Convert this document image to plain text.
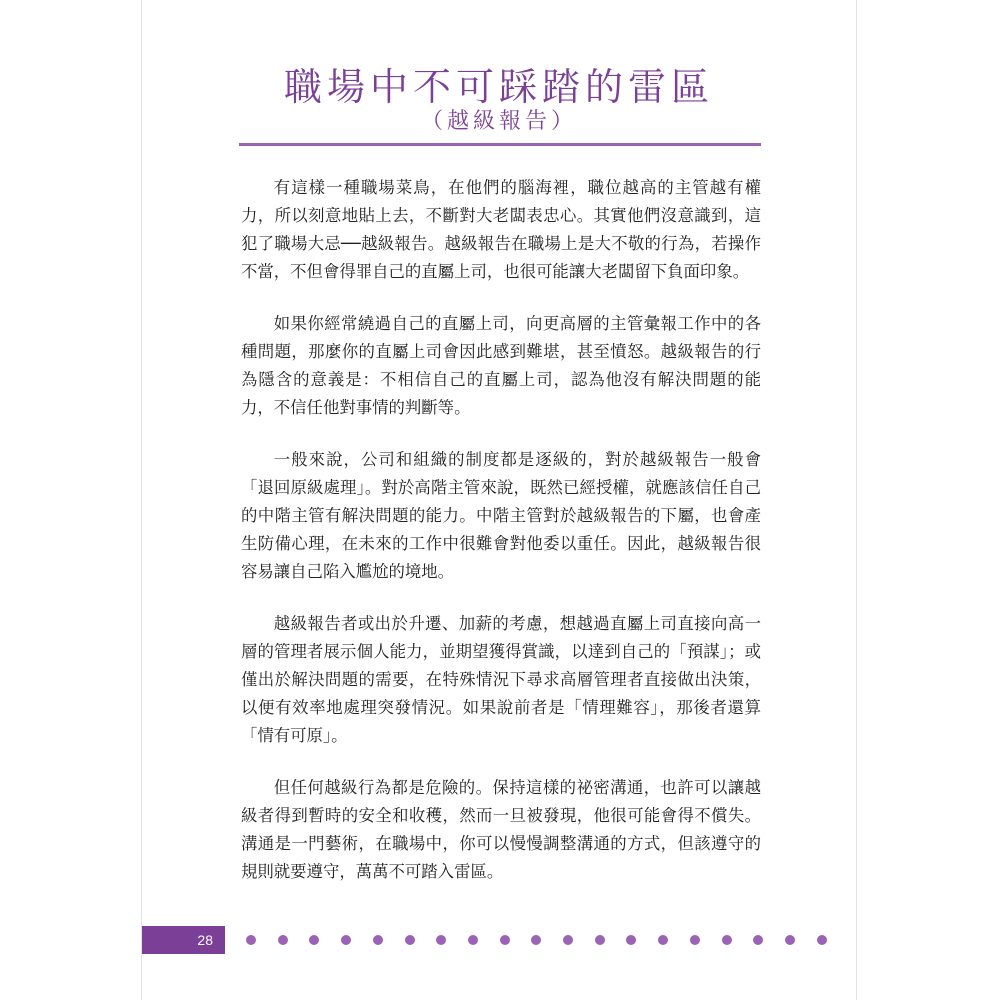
職場中不可踩踏的雷區
（越級報告）

有這樣一種職場菜鳥，在他們的腦海裡，職位越高的主管越有權力，所以刻意地貼上去，不斷對大老闆表忠心。其實他們沒意識到，這犯了職場大忌──越級報告。越級報告在職場上是大不敬的行為，若操作不當，不但會得罪自己的直屬上司，也很可能讓大老闆留下負面印象。

如果你經常繞過自己的直屬上司，向更高層的主管彙報工作中的各種問題，那麼你的直屬上司會因此感到難堪，甚至憤怒。越級報告的行為隱含的意義是：不相信自己的直屬上司，認為他沒有解決問題的能力，不信任他對事情的判斷等。

一般來說，公司和組織的制度都是逐級的，對於越級報告一般會「退回原級處理」。對於高階主管來說，既然已經授權，就應該信任自己的中階主管有解決問題的能力。中階主管對於越級報告的下屬，也會產生防備心理，在未來的工作中很難會對他委以重任。因此，越級報告很容易讓自己陷入尷尬的境地。

越級報告者或出於升遷、加薪的考慮，想越過直屬上司直接向高一層的管理者展示個人能力，並期望獲得賞識，以達到自己的「預謀」；或僅出於解決問題的需要，在特殊情況下尋求高層管理者直接做出決策，以便有效率地處理突發情況。如果說前者是「情理難容」，那後者還算「情有可原」。

但任何越級行為都是危險的。保持這樣的祕密溝通，也許可以讓越級者得到暫時的安全和收穫，然而一旦被發現，他很可能會得不償失。溝通是一門藝術，在職場中，你可以慢慢調整溝通的方式，但該遵守的規則就要遵守，萬萬不可踏入雷區。

28
